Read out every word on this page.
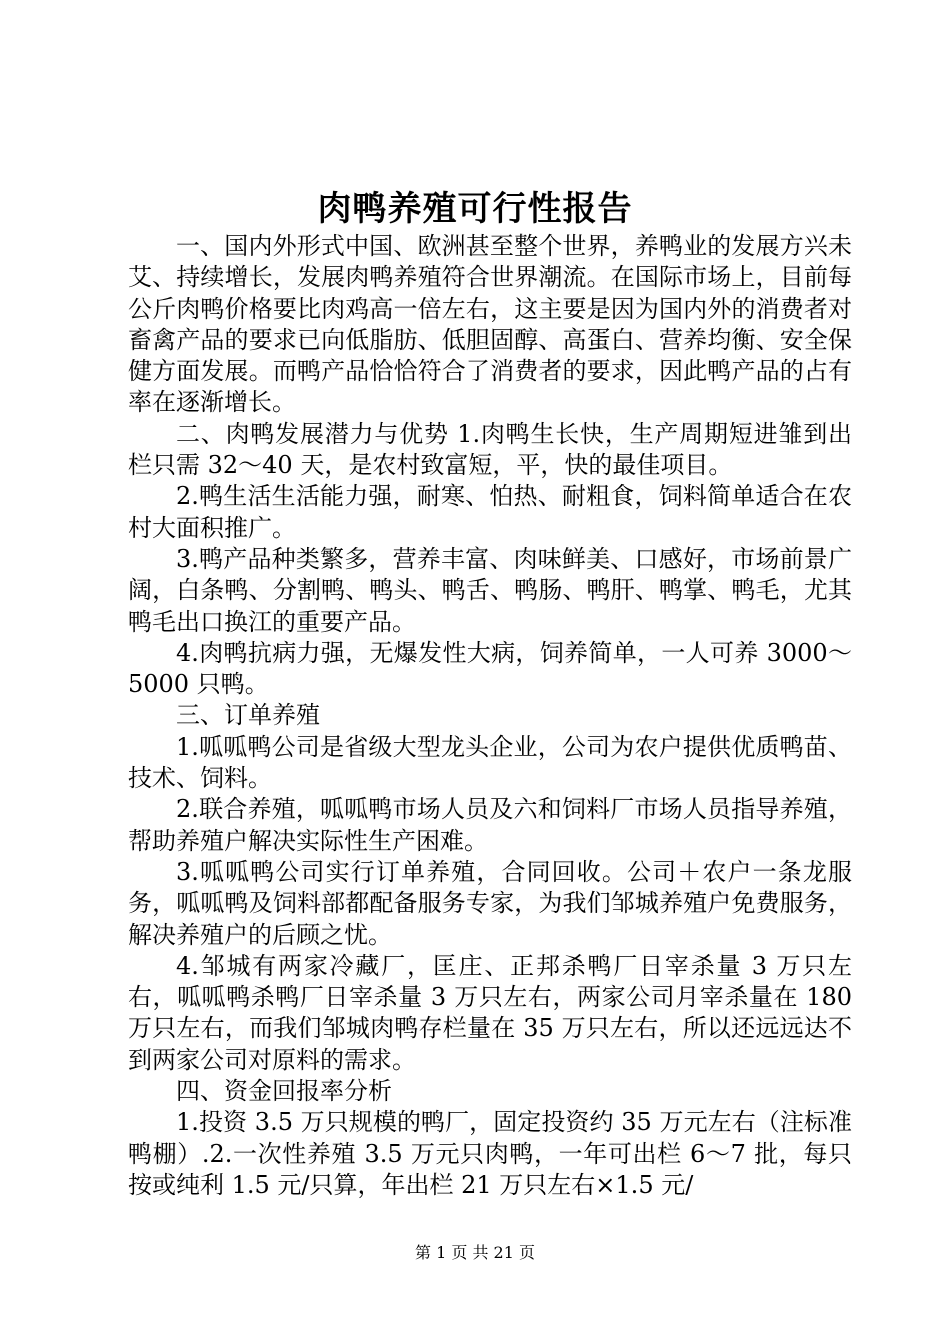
肉鸭养殖可行性报告

一、国内外形式中国、欧洲甚至整个世界，养鸭业的发展方兴未艾、持续增长，发展肉鸭养殖符合世界潮流。在国际市场上，目前每公斤肉鸭价格要比肉鸡高一倍左右，这主要是因为国内外的消费者对畜禽产品的要求已向低脂肪、低胆固醇、高蛋白、营养均衡、安全保健方面发展。而鸭产品恰恰符合了消费者的要求，因此鸭产品的占有率在逐渐增长。

二、肉鸭发展潜力与优势 1.肉鸭生长快，生产周期短进雏到出栏只需 32～40 天，是农村致富短，平，快的最佳项目。

2.鸭生活生活能力强，耐寒、怕热、耐粗食，饲料简单适合在农村大面积推广。

3.鸭产品种类繁多，营养丰富、肉味鲜美、口感好，市场前景广阔，白条鸭、分割鸭、鸭头、鸭舌、鸭肠、鸭肝、鸭掌、鸭毛，尤其鸭毛出口换江的重要产品。

4.肉鸭抗病力强，无爆发性大病，饲养简单，一人可养 3000～5000 只鸭。

三、订单养殖

1.呱呱鸭公司是省级大型龙头企业，公司为农户提供优质鸭苗、技术、饲料。

2.联合养殖，呱呱鸭市场人员及六和饲料厂市场人员指导养殖，帮助养殖户解决实际性生产困难。

3.呱呱鸭公司实行订单养殖，合同回收。公司＋农户一条龙服务，呱呱鸭及饲料部都配备服务专家，为我们邹城养殖户免费服务，解决养殖户的后顾之忧。

4.邹城有两家冷藏厂，匡庄、正邦杀鸭厂日宰杀量 3 万只左右，呱呱鸭杀鸭厂日宰杀量 3 万只左右，两家公司月宰杀量在 180 万只左右，而我们邹城肉鸭存栏量在 35 万只左右，所以还远远达不到两家公司对原料的需求。

四、资金回报率分析

1.投资 3.5 万只规模的鸭厂，固定投资约 35 万元左右（注标准鸭棚）.2.一次性养殖 3.5 万元只肉鸭，一年可出栏 6～7 批，每只按或纯利 1.5 元/只算，年出栏 21 万只左右×1.5 元/

第 1 页 共 21 页
